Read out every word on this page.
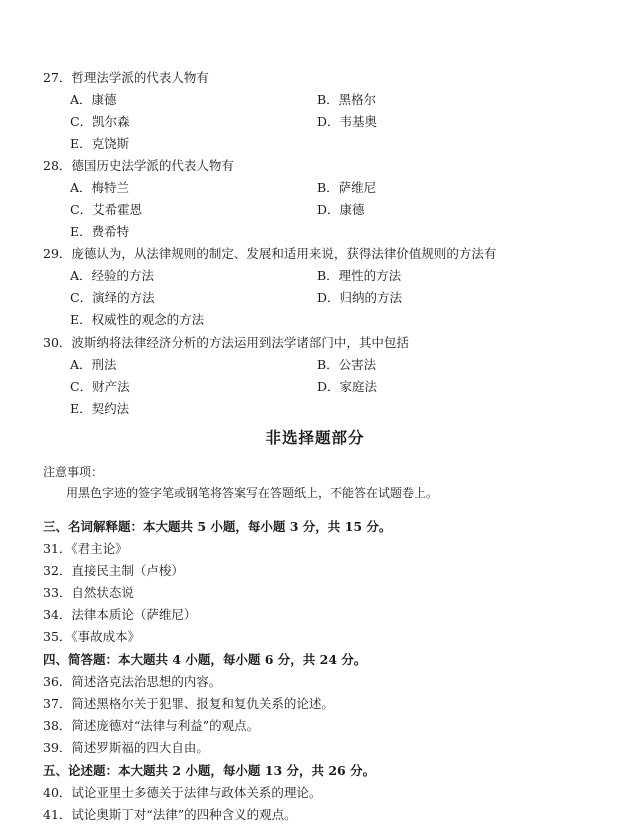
27．哲理法学派的代表人物有
A．康德	B．黑格尔
C．凯尔森	D．韦基奥
E．克饶斯
28．德国历史法学派的代表人物有
A．梅特兰	B．萨维尼
C．艾希霍恩	D．康德
E．费希特
29．庞德认为，从法律规则的制定、发展和适用来说，获得法律价值规则的方法有
A．经验的方法	B．理性的方法
C．演绎的方法	D．归纳的方法
E．权威性的观念的方法
30．波斯纳将法律经济分析的方法运用到法学诸部门中，其中包括
A．刑法	B．公害法
C．财产法	D．家庭法
E．契约法
非选择题部分
注意事项：
用黑色字迹的签字笔或钢笔将答案写在答题纸上，不能答在试题卷上。
三、名词解释题：本大题共 5 小题，每小题 3 分，共 15 分。
31．《君主论》
32．直接民主制（卢梭）
33．自然状态说
34．法律本质论（萨维尼）
35．《事故成本》
四、简答题：本大题共 4 小题，每小题 6 分，共 24 分。
36．简述洛克法治思想的内容。
37．简述黑格尔关于犯罪、报复和复仇关系的论述。
38．简述庞德对“法律与利益”的观点。
39．简述罗斯福的四大自由。
五、论述题：本大题共 2 小题，每小题 13 分，共 26 分。
40．试论亚里士多德关于法律与政体关系的理论。
41．试论奥斯丁对“法律”的四种含义的观点。
